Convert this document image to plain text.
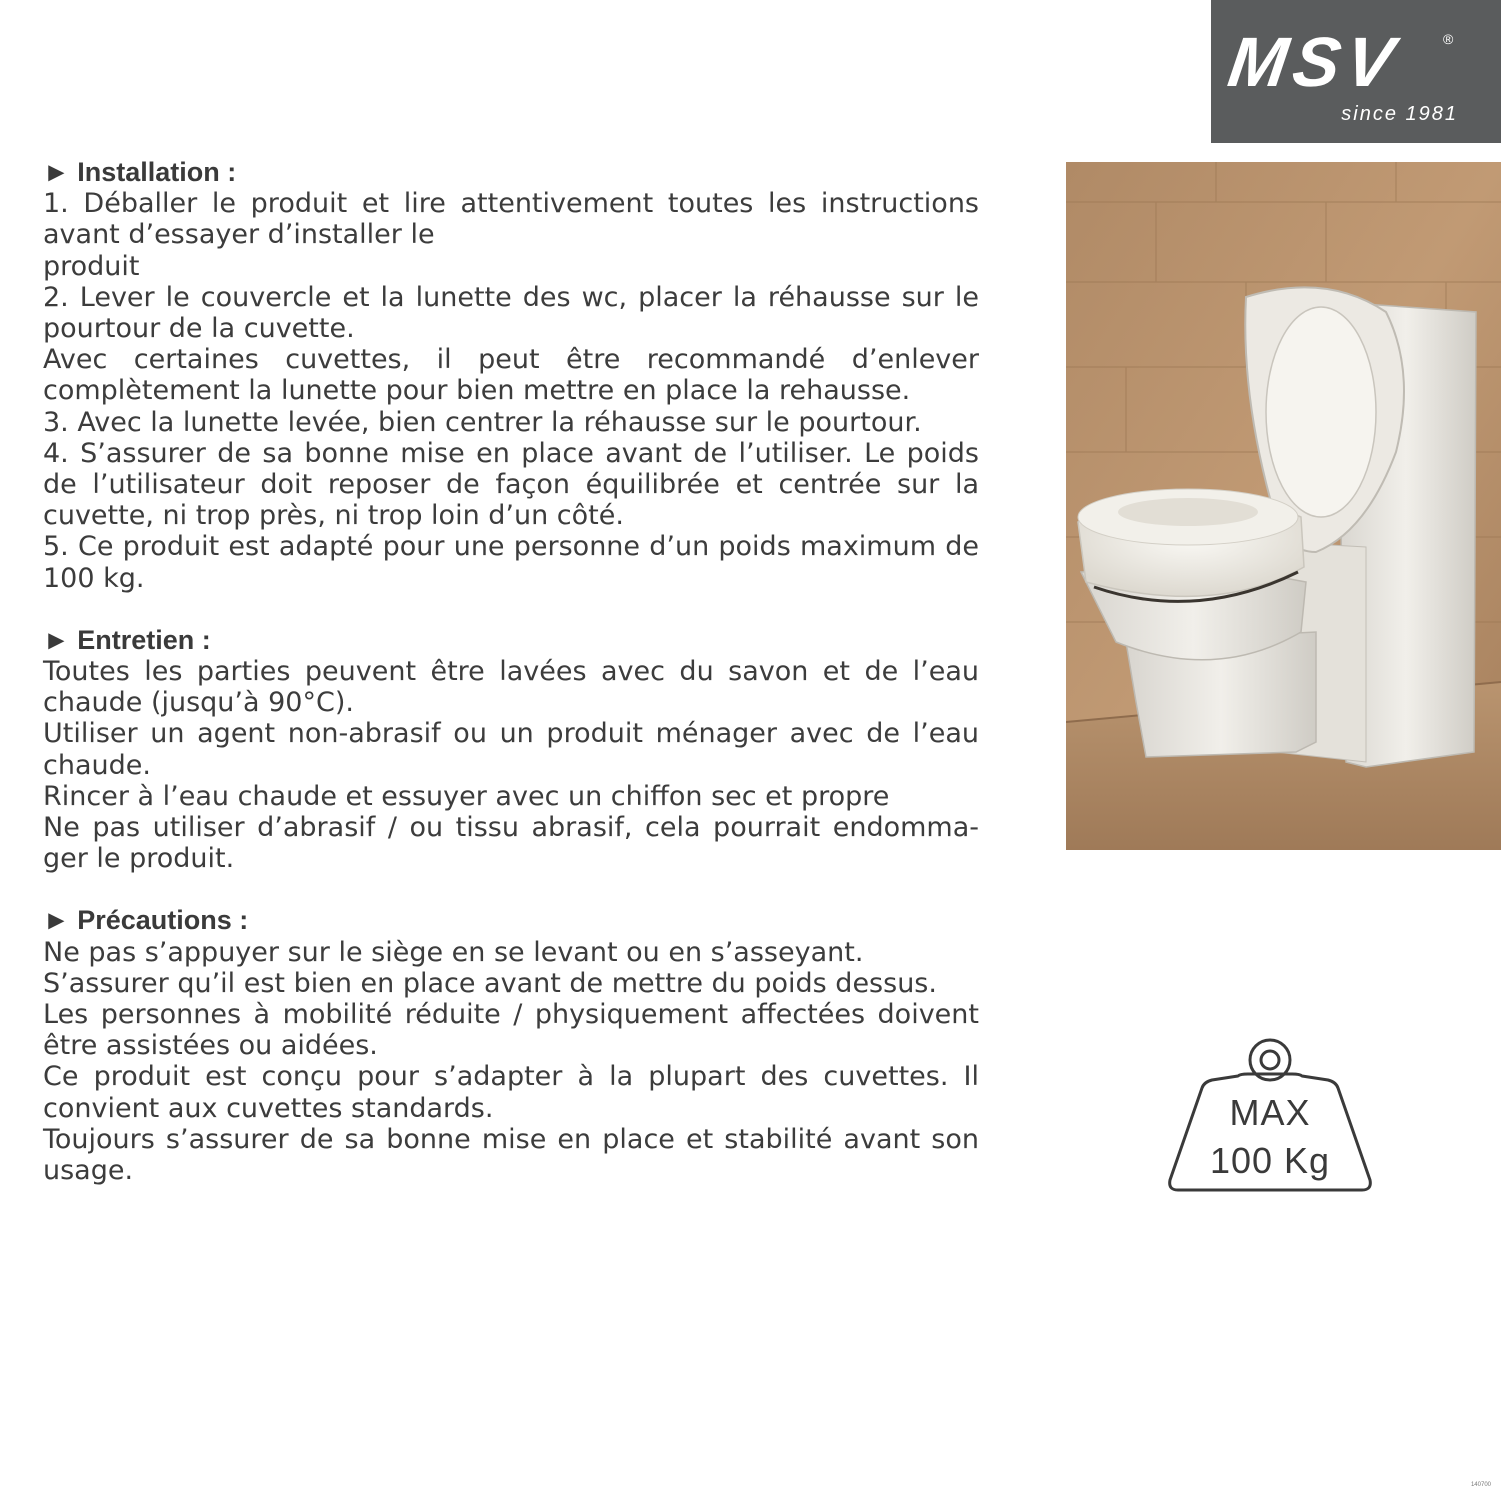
MSV	®
since 1981
► Installation :
1. Déballer le produit et lire attentivement toutes les instructions avant d’essayer d’installer le
produit
2. Lever le couvercle et la lunette des wc, placer la réhausse sur le pourtour de la cuvette.
Avec certaines cuvettes, il peut être recommandé d’enlever complètement la lunette pour bien mettre en place la rehausse.
3. Avec la lunette levée, bien centrer la réhausse sur le pourtour.
4. S’assurer de sa bonne mise en place avant de l’utiliser. Le poids de l’utilisateur doit reposer de façon équilibrée et centrée sur la cuvette, ni trop près, ni trop loin d’un côté.
5. Ce produit est adapté pour une personne d’un poids maximum de 100 kg.
► Entretien :
Toutes les parties peuvent être lavées avec du savon et de l’eau chaude (jusqu’à 90°C).
Utiliser un agent non-abrasif ou un produit ménager avec de l’eau chaude.
Rincer à l’eau chaude et essuyer avec un chiffon sec et propre
Ne pas utiliser d’abrasif / ou tissu abrasif, cela pourrait endomma-ger le produit.
► Précautions :
Ne pas s’appuyer sur le siège en se levant ou en s’asseyant.
S’assurer qu’il est bien en place avant de mettre du poids dessus.
Les personnes à mobilité réduite / physiquement affectées doivent être assistées ou aidées.
Ce produit est conçu pour s’adapter à la plupart des cuvettes. Il convient aux cuvettes standards.
Toujours s’assurer de sa bonne mise en place et stabilité avant son usage.
MAX
100 Kg
140700
